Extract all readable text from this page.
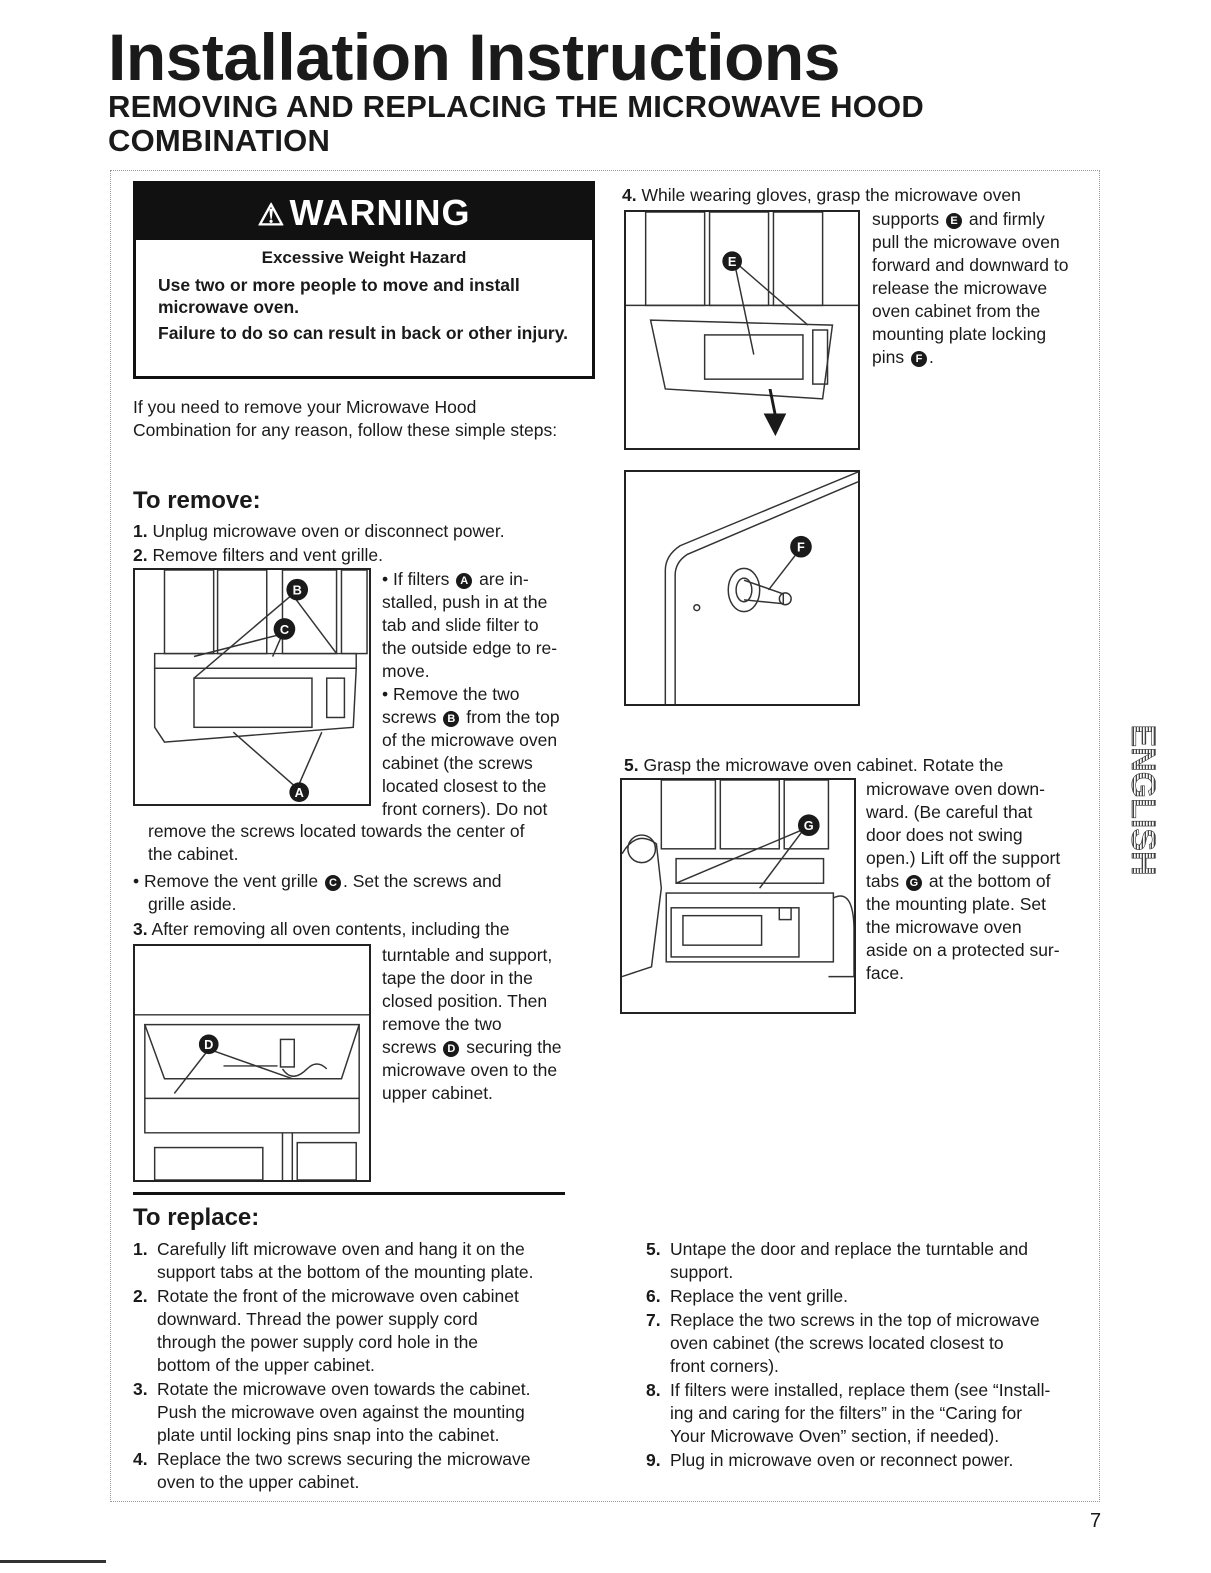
Installation Instructions
REMOVING AND REPLACING THE MICROWAVE HOOD COMBINATION
⚠ WARNING
Excessive Weight Hazard
Use two or more people to move and install microwave oven.
Failure to do so can result in back or other injury.
If you need to remove your Microwave Hood Combination for any reason, follow these simple steps:
To remove:
1. Unplug microwave oven or disconnect power.
2. Remove filters and vent grille.
B
C
A
• If filters A are in-
stalled, push in at the
tab and slide filter to
the outside edge to re-
move.
• Remove the two
screws B from the top
of the microwave oven
cabinet (the screws
located closest to the
front corners). Do not
remove the screws located towards the center of
the cabinet.
• Remove the vent grille C . Set the screws and
grille aside.
3. After removing all oven contents, including the
D
turntable and support,
tape the door in the
closed position. Then
remove the two
screws D securing the
microwave oven to the
upper cabinet.
4. While wearing gloves, grasp the microwave oven
E
supports E and firmly
pull the microwave oven
forward and downward to
release the microwave
oven cabinet from the
mounting plate locking
pins F .
F
5. Grasp the microwave oven cabinet. Rotate the
G
microwave oven down-
ward. (Be careful that
door does not swing
open.) Lift off the support
tabs G at the bottom of
the mounting plate. Set
the microwave oven
aside on a protected sur-
face.
To replace:
1. Carefully lift microwave oven and hang it on the
support tabs at the bottom of the mounting plate.
2. Rotate the front of the microwave oven cabinet
downward. Thread the power supply cord
through the power supply cord hole in the
bottom of the upper cabinet.
3. Rotate the microwave oven towards the cabinet.
Push the microwave oven against the mounting
plate until locking pins snap into the cabinet.
4. Replace the two screws securing the microwave
oven to the upper cabinet.
5. Untape the door and replace the turntable and
support.
6. Replace the vent grille.
7. Replace the two screws in the top of microwave
oven cabinet (the screws located closest to
front corners).
8. If filters were installed, replace them (see “Install-
ing and caring for the filters” in the “Caring for
Your Microwave Oven” section, if needed).
9. Plug in microwave oven or reconnect power.
ENGLISH
7
